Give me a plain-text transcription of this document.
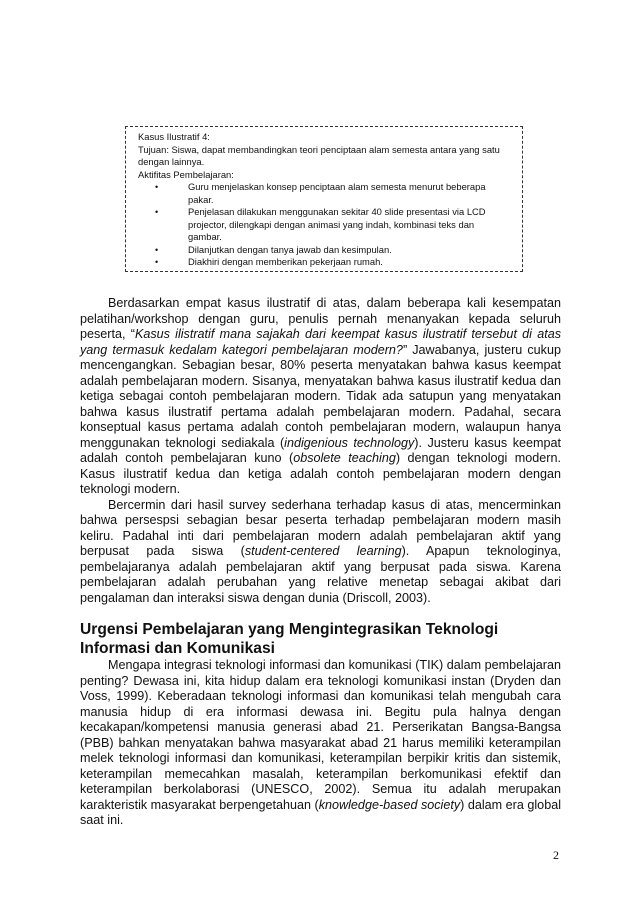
Kasus Ilustratif 4:

Tujuan: Siswa, dapat membandingkan teori penciptaan alam semesta antara yang satu dengan lainnya.

Aktifitas Pembelajaran:

• Guru menjelaskan konsep penciptaan alam semesta menurut beberapa pakar.
• Penjelasan dilakukan menggunakan sekitar 40 slide presentasi via LCD projector, dilengkapi dengan animasi yang indah, kombinasi teks dan gambar.
• Dilanjutkan dengan tanya jawab dan kesimpulan.
• Diakhiri dengan memberikan pekerjaan rumah.

Berdasarkan empat kasus ilustratif di atas, dalam beberapa kali kesempatan pelatihan/workshop dengan guru, penulis pernah menanyakan kepada seluruh peserta, “Kasus ilistratif mana sajakah dari keempat kasus ilustratif tersebut di atas yang termasuk kedalam kategori pembelajaran modern?” Jawabanya, justeru cukup mencengangkan. Sebagian besar, 80% peserta menyatakan bahwa kasus keempat adalah pembelajaran modern. Sisanya, menyatakan bahwa kasus ilustratif kedua dan ketiga sebagai contoh pembelajaran modern. Tidak ada satupun yang menyatakan bahwa kasus ilustratif pertama adalah pembelajaran modern. Padahal, secara konseptual kasus pertama adalah contoh pembelajaran modern, walaupun hanya menggunakan teknologi sediakala (indigenious technology). Justeru kasus keempat adalah contoh pembelajaran kuno (obsolete teaching) dengan teknologi modern. Kasus ilustratif kedua dan ketiga adalah contoh pembelajaran modern dengan teknologi modern.

Bercermin dari hasil survey sederhana terhadap kasus di atas, mencerminkan bahwa persespsi sebagian besar peserta terhadap pembelajaran modern masih keliru. Padahal inti dari pembelajaran modern adalah pembelajaran aktif yang berpusat pada siswa (student-centered learning). Apapun teknologinya, pembelajaranya adalah pembelajaran aktif yang berpusat pada siswa. Karena pembelajaran adalah perubahan yang relative menetap sebagai akibat dari pengalaman dan interaksi siswa dengan dunia (Driscoll, 2003).

Urgensi Pembelajaran yang Mengintegrasikan Teknologi Informasi dan Komunikasi

Mengapa integrasi teknologi informasi dan komunikasi (TIK) dalam pembelajaran penting? Dewasa ini, kita hidup dalam era teknologi komunikasi instan (Dryden dan Voss, 1999). Keberadaan teknologi informasi dan komunikasi telah mengubah cara manusia hidup di era informasi dewasa ini. Begitu pula halnya dengan kecakapan/kompetensi manusia generasi abad 21. Perserikatan Bangsa-Bangsa (PBB) bahkan menyatakan bahwa masyarakat abad 21 harus memiliki keterampilan melek teknologi informasi dan komunikasi, keterampilan berpikir kritis dan sistemik, keterampilan memecahkan masalah, keterampilan berkomunikasi efektif dan keterampilan berkolaborasi (UNESCO, 2002). Semua itu adalah merupakan karakteristik masyarakat berpengetahuan (knowledge-based society) dalam era global saat ini.

2
